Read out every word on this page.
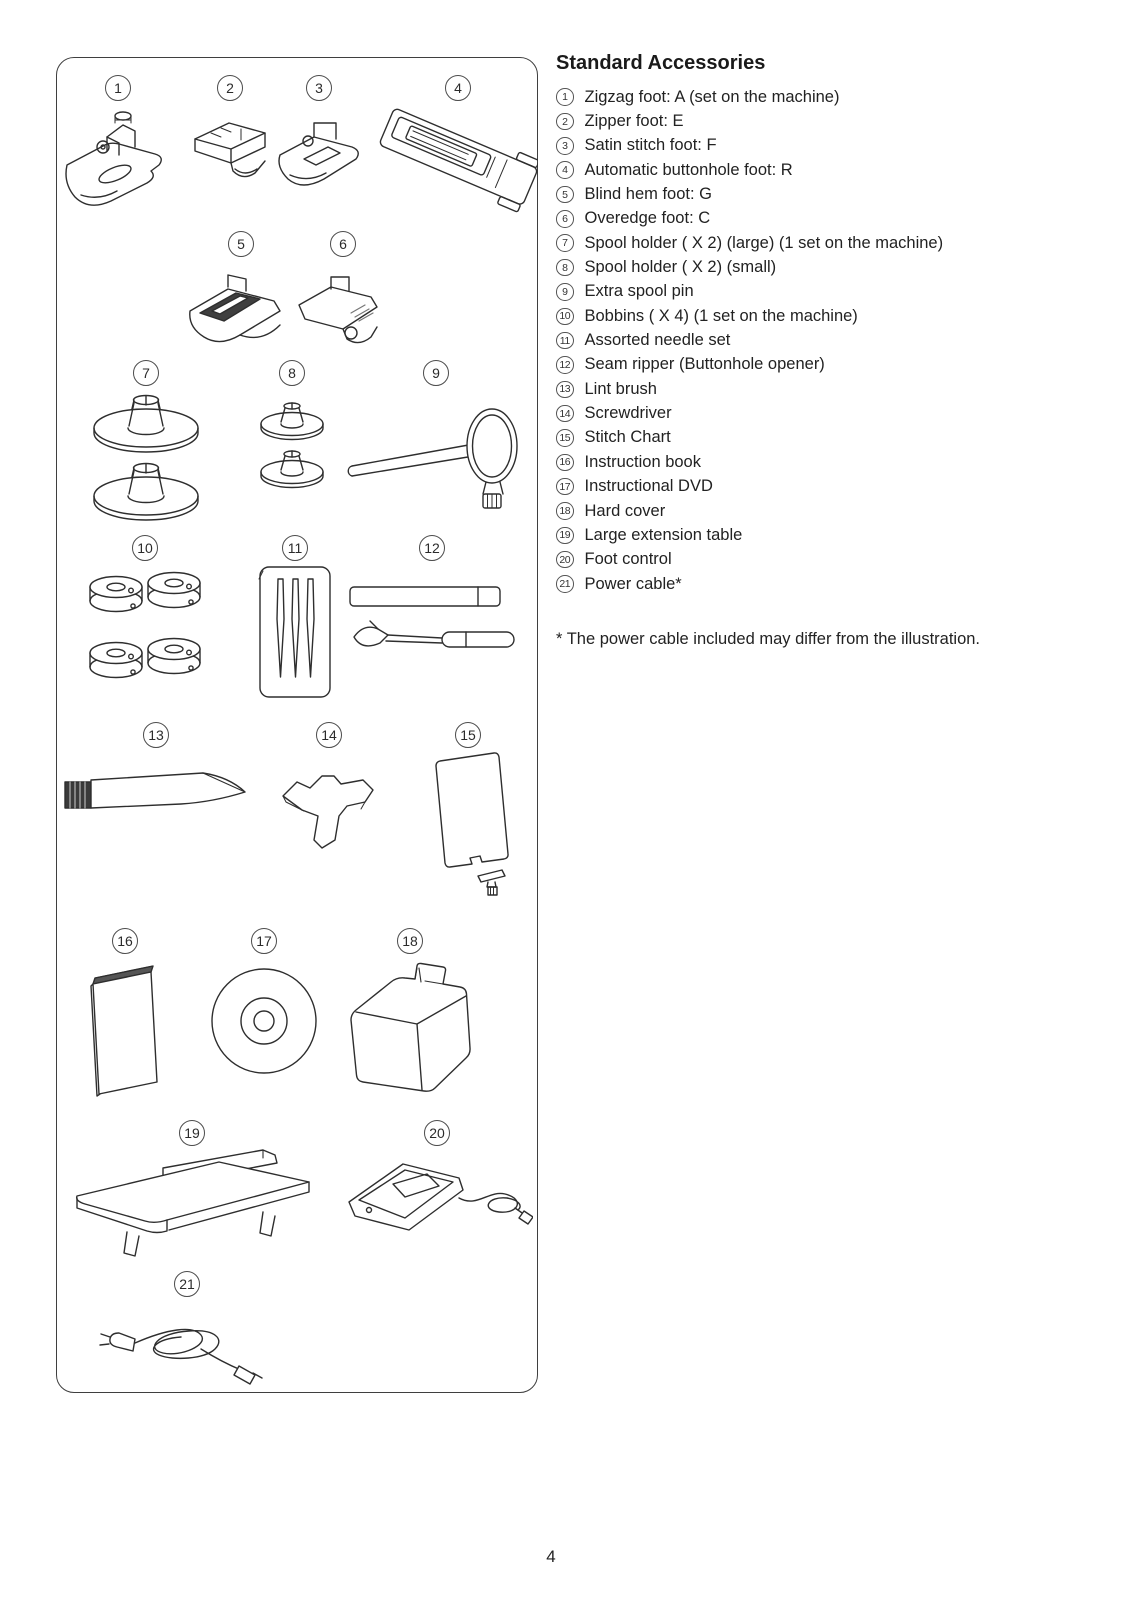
1	2	3	4
5	6
7	8	9
10	11	12
13	14	15
16	17	18
19	20
21
Standard Accessories
1	Zigzag foot: A (set on the machine)
2	Zipper foot: E
3	Satin stitch foot: F
4	Automatic buttonhole foot: R
5	Blind hem foot: G
6	Overedge foot: C
7	Spool holder ( X 2) (large) (1 set on the machine)
8	Spool holder ( X 2) (small)
9	Extra spool pin
10 Bobbins ( X 4) (1 set on the machine)
11 Assorted needle set
12 Seam ripper (Buttonhole opener)
13 Lint brush
14 Screwdriver
15 Stitch Chart
16 Instruction book
17 Instructional DVD
18 Hard cover
19 Large extension table
20 Foot control
21 Power cable*

* The power cable included may differ from the illustration.

4
